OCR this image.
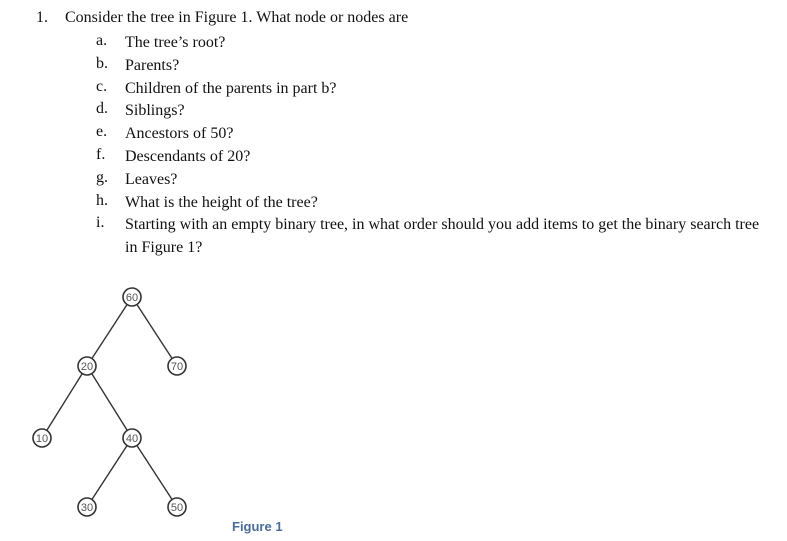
1. Consider the tree in Figure 1. What node or nodes are
a.	The tree’s root?
b.	Parents?
c.	Children of the parents in part b?
d.	Siblings?
e.	Ancestors of 50?
f.	Descendants of 20?
g.	Leaves?
h.	What is the height of the tree?
i.	Starting with an empty binary tree, in what order should you add items to get the binary search tree in Figure 1?
60
20	70
10	40
30	50
Figure 1
